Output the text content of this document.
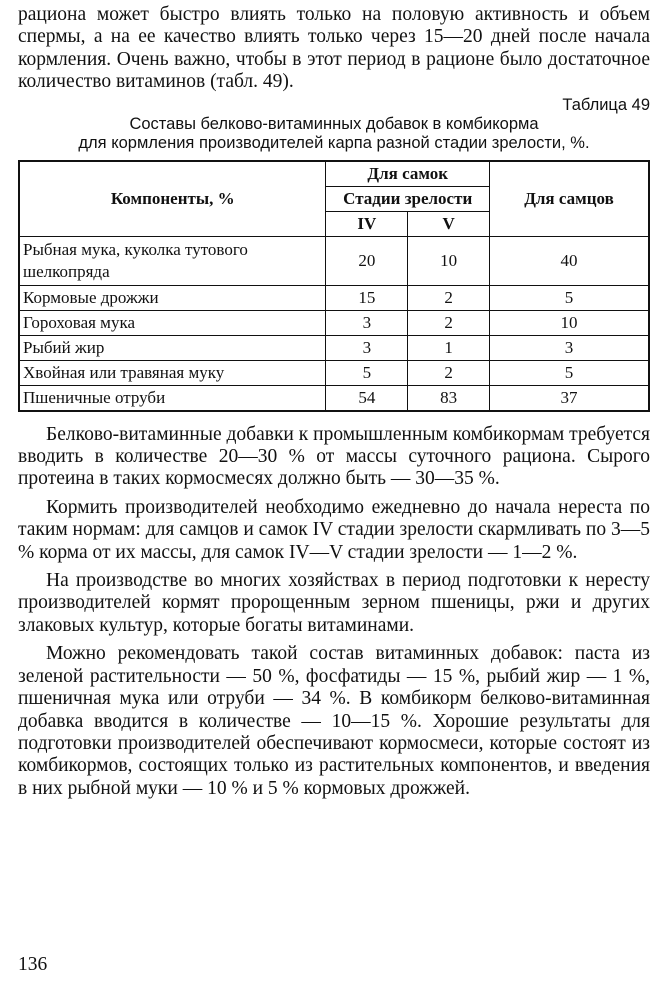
рациона может быстро влиять только на половую активность и объем спермы, а на ее качество влиять только через 15—20 дней после начала кормления. Очень важно, чтобы в этот период в рационе было достаточное количество витаминов (табл. 49).

Таблица 49
Составы белково-витаминных добавок в комбикорма
для кормления производителей карпа разной стадии зрелости, %.
Компоненты, %	Для самок		Для самцов
	Стадии зрелости		
	IV	V	
Рыбная мука, куколка тутового шелкопряда	20	10	40
Кормовые дрожжи	15	2	5
Гороховая мука	3	2	10
Рыбий жир	3	1	3
Хвойная или травяная муку	5	2	5
Пшеничные отруби	54	83	37

Белково-витаминные добавки к промышленным комбикормам требуется вводить в количестве 20—30 % от массы суточного рациона. Сырого протеина в таких кормосмесях должно быть — 30—35 %.

Кормить производителей необходимо ежедневно до начала нереста по таким нормам: для самцов и самок IV стадии зрелости скармливать по 3—5 % корма от их массы, для самок IV—V стадии зрелости — 1—2 %.

На производстве во многих хозяйствах в период подготовки к нересту производителей кормят пророщенным зерном пшеницы, ржи и других злаковых культур, которые богаты витаминами.

Можно рекомендовать такой состав витаминных добавок: паста из зеленой растительности — 50 %, фосфатиды — 15 %, рыбий жир — 1 %, пшеничная мука или отруби — 34 %. В комбикорм белково-витаминная добавка вводится в количестве — 10—15 %. Хорошие результаты для подготовки производителей обеспечивают кормосмеси, которые состоят из комбикормов, состоящих только из растительных компонентов, и введения в них рыбной муки — 10 % и 5 % кормовых дрожжей.

136
